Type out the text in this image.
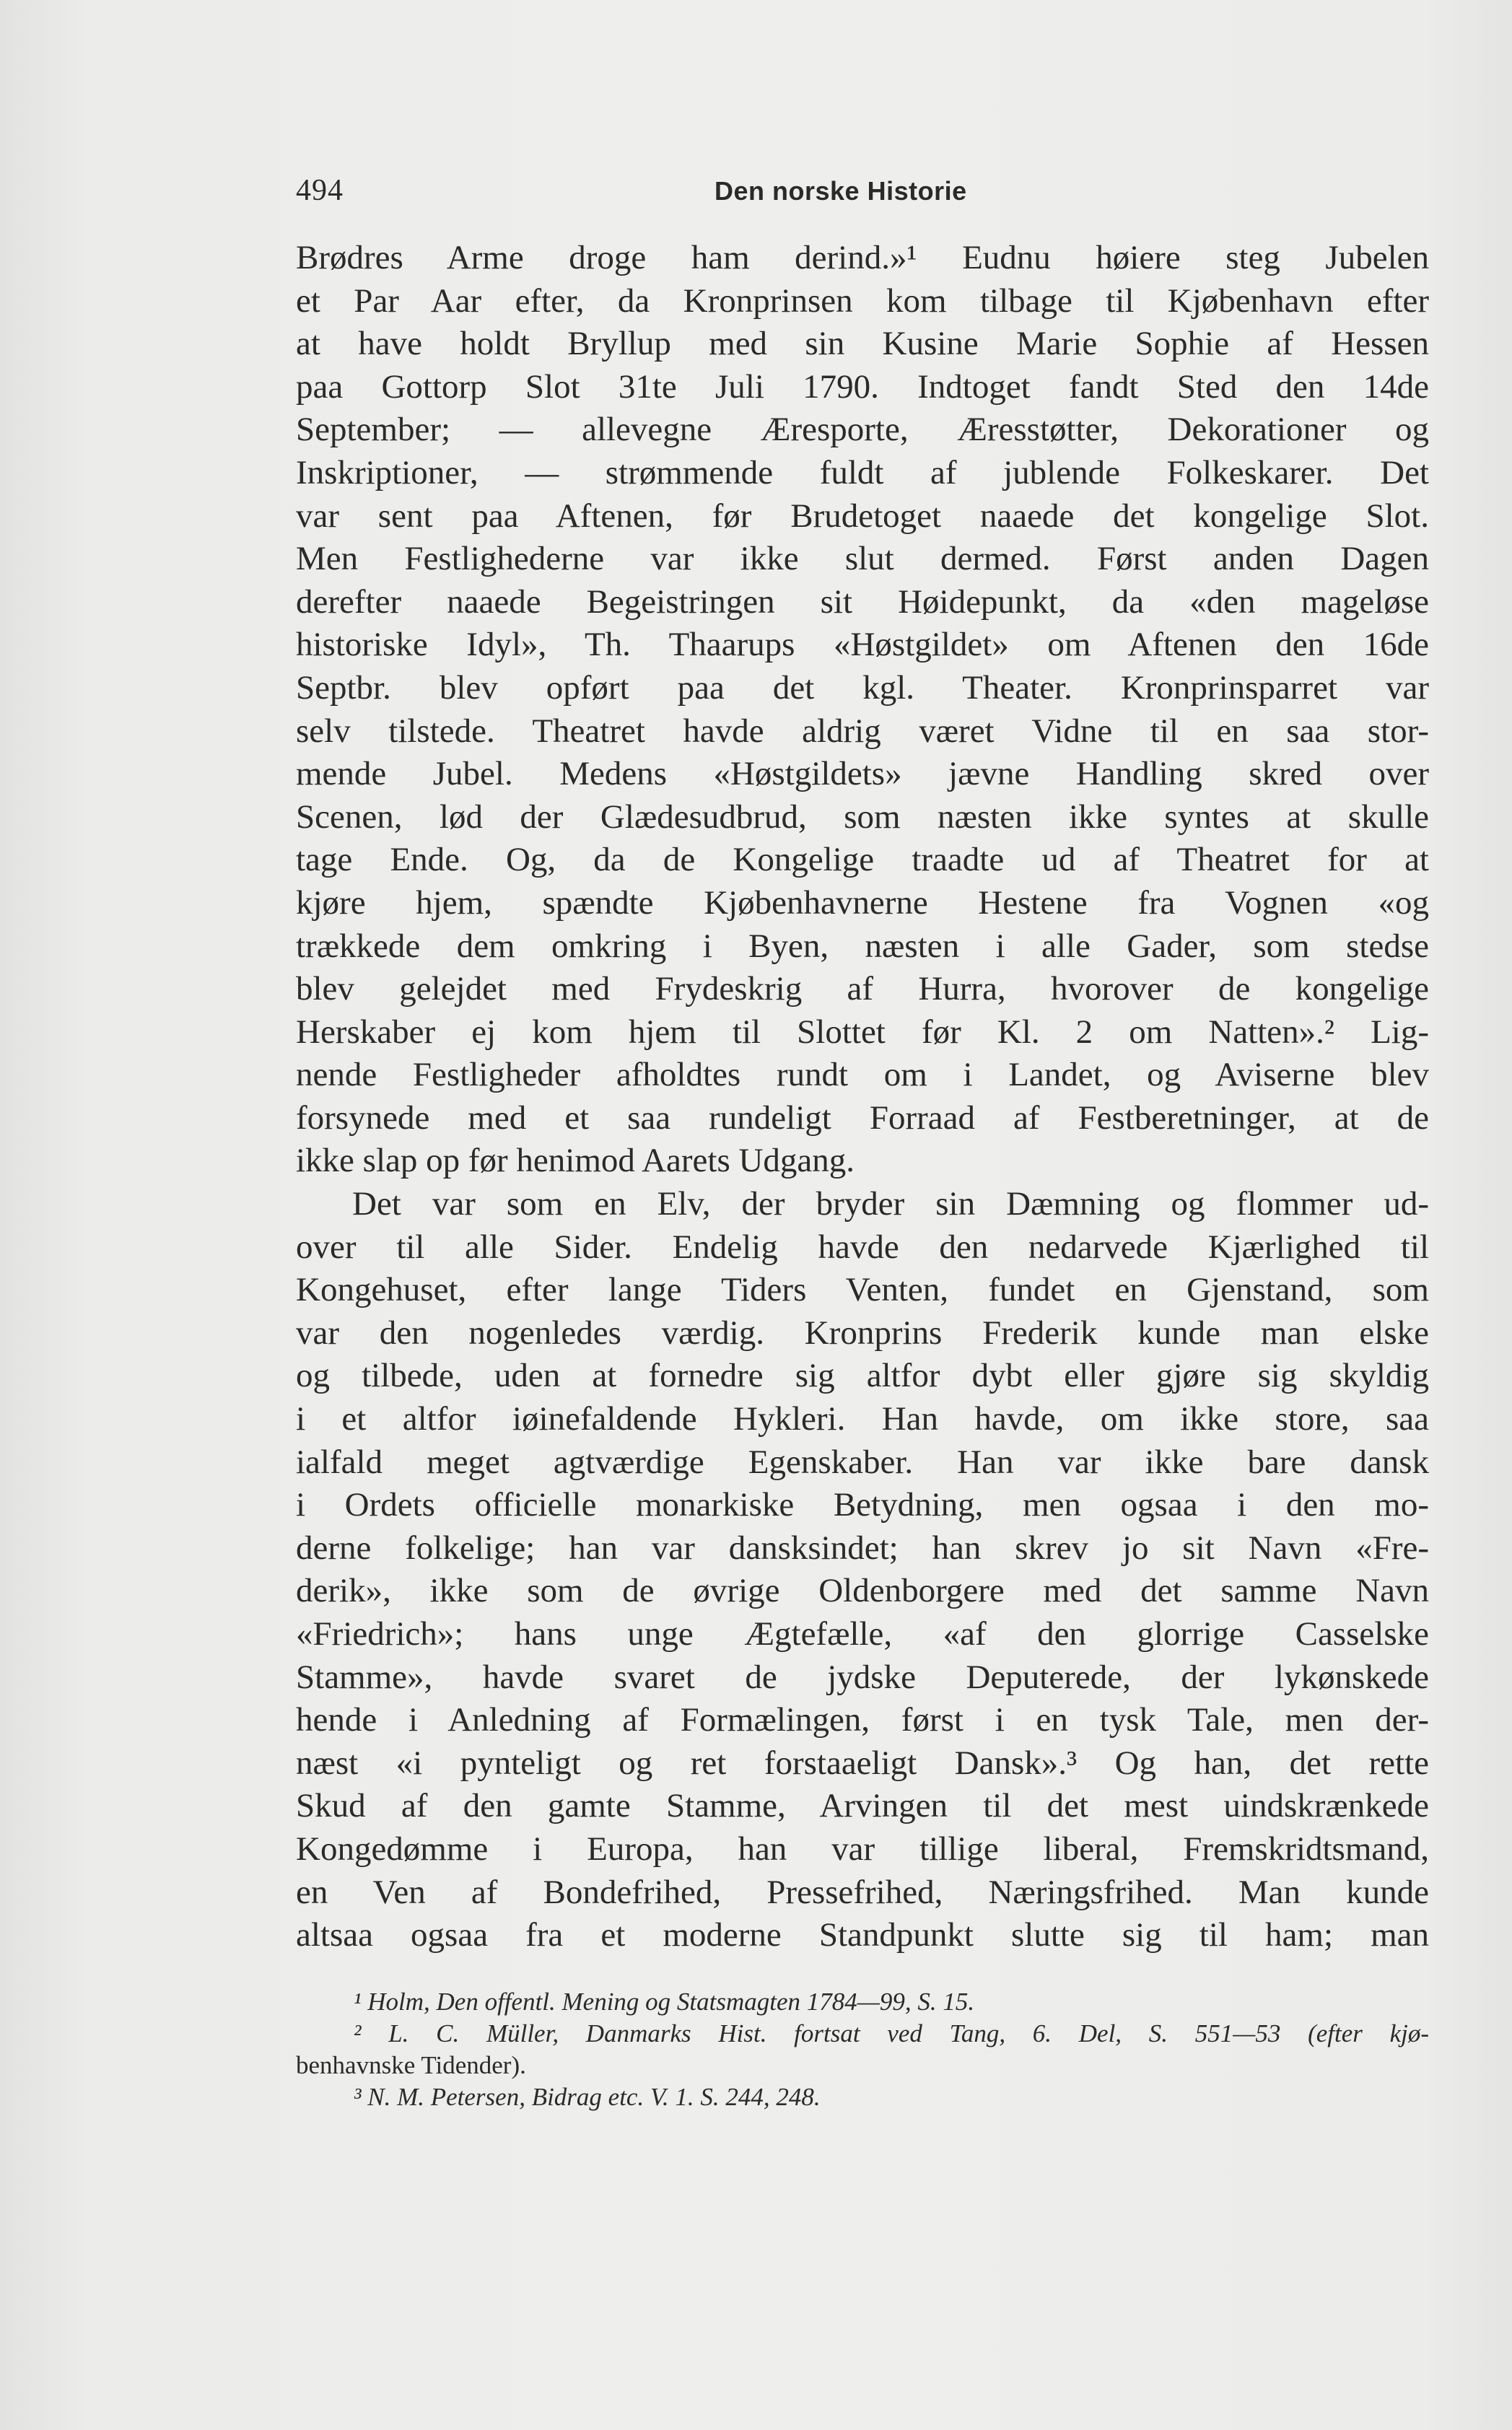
494	Den norske Historie
Brødres Arme droge ham derind.»¹ Eudnu høiere steg Jubelen
et Par Aar efter, da Kronprinsen kom tilbage til Kjøbenhavn efter
at have holdt Bryllup med sin Kusine Marie Sophie af Hessen
paa Gottorp Slot 31te Juli 1790. Indtoget fandt Sted den 14de
September; — allevegne Æresporte, Æresstøtter, Dekorationer og
Inskriptioner, — strømmende fuldt af jublende Folkeskarer. Det
var sent paa Aftenen, før Brudetoget naaede det kongelige Slot.
Men Festlighederne var ikke slut dermed. Først anden Dagen
derefter naaede Begeistringen sit Høidepunkt, da «den mageløse
historiske Idyl», Th. Thaarups «Høstgildet» om Aftenen den 16de
Septbr. blev opført paa det kgl. Theater. Kronprinsparret var
selv tilstede. Theatret havde aldrig været Vidne til en saa stor-
mende Jubel. Medens «Høstgildets» jævne Handling skred over
Scenen, lød der Glædesudbrud, som næsten ikke syntes at skulle
tage Ende. Og, da de Kongelige traadte ud af Theatret for at
kjøre hjem, spændte Kjøbenhavnerne Hestene fra Vognen «og
trækkede dem omkring i Byen, næsten i alle Gader, som stedse
blev gelejdet med Frydeskrig af Hurra, hvorover de kongelige
Herskaber ej kom hjem til Slottet før Kl. 2 om Natten».² Lig-
nende Festligheder afholdtes rundt om i Landet, og Aviserne blev
forsynede med et saa rundeligt Forraad af Festberetninger, at de
ikke slap op før henimod Aarets Udgang.
Det var som en Elv, der bryder sin Dæmning og flommer ud-
over til alle Sider. Endelig havde den nedarvede Kjærlighed til
Kongehuset, efter lange Tiders Venten, fundet en Gjenstand, som
var den nogenledes værdig. Kronprins Frederik kunde man elske
og tilbede, uden at fornedre sig altfor dybt eller gjøre sig skyldig
i et altfor iøinefaldende Hykleri. Han havde, om ikke store, saa
ialfald meget agtværdige Egenskaber. Han var ikke bare dansk
i Ordets officielle monarkiske Betydning, men ogsaa i den mo-
derne folkelige; han var dansksindet; han skrev jo sit Navn «Fre-
derik», ikke som de øvrige Oldenborgere med det samme Navn
«Friedrich»; hans unge Ægtefælle, «af den glorrige Casselske
Stamme», havde svaret de jydske Deputerede, der lykønskede
hende i Anledning af Formælingen, først i en tysk Tale, men der-
næst «i pynteligt og ret forstaaeligt Dansk».³ Og han, det rette
Skud af den gamte Stamme, Arvingen til det mest uindskrænkede
Kongedømme i Europa, han var tillige liberal, Fremskridtsmand,
en Ven af Bondefrihed, Pressefrihed, Næringsfrihed. Man kunde
altsaa ogsaa fra et moderne Standpunkt slutte sig til ham; man
¹ Holm, Den offentl. Mening og Statsmagten 1784—99, S. 15.
² L. C. Müller, Danmarks Hist. fortsat ved Tang, 6. Del, S. 551—53 (efter kjø-
benhavnske Tidender).
³ N. M. Petersen, Bidrag etc. V. 1. S. 244, 248.
